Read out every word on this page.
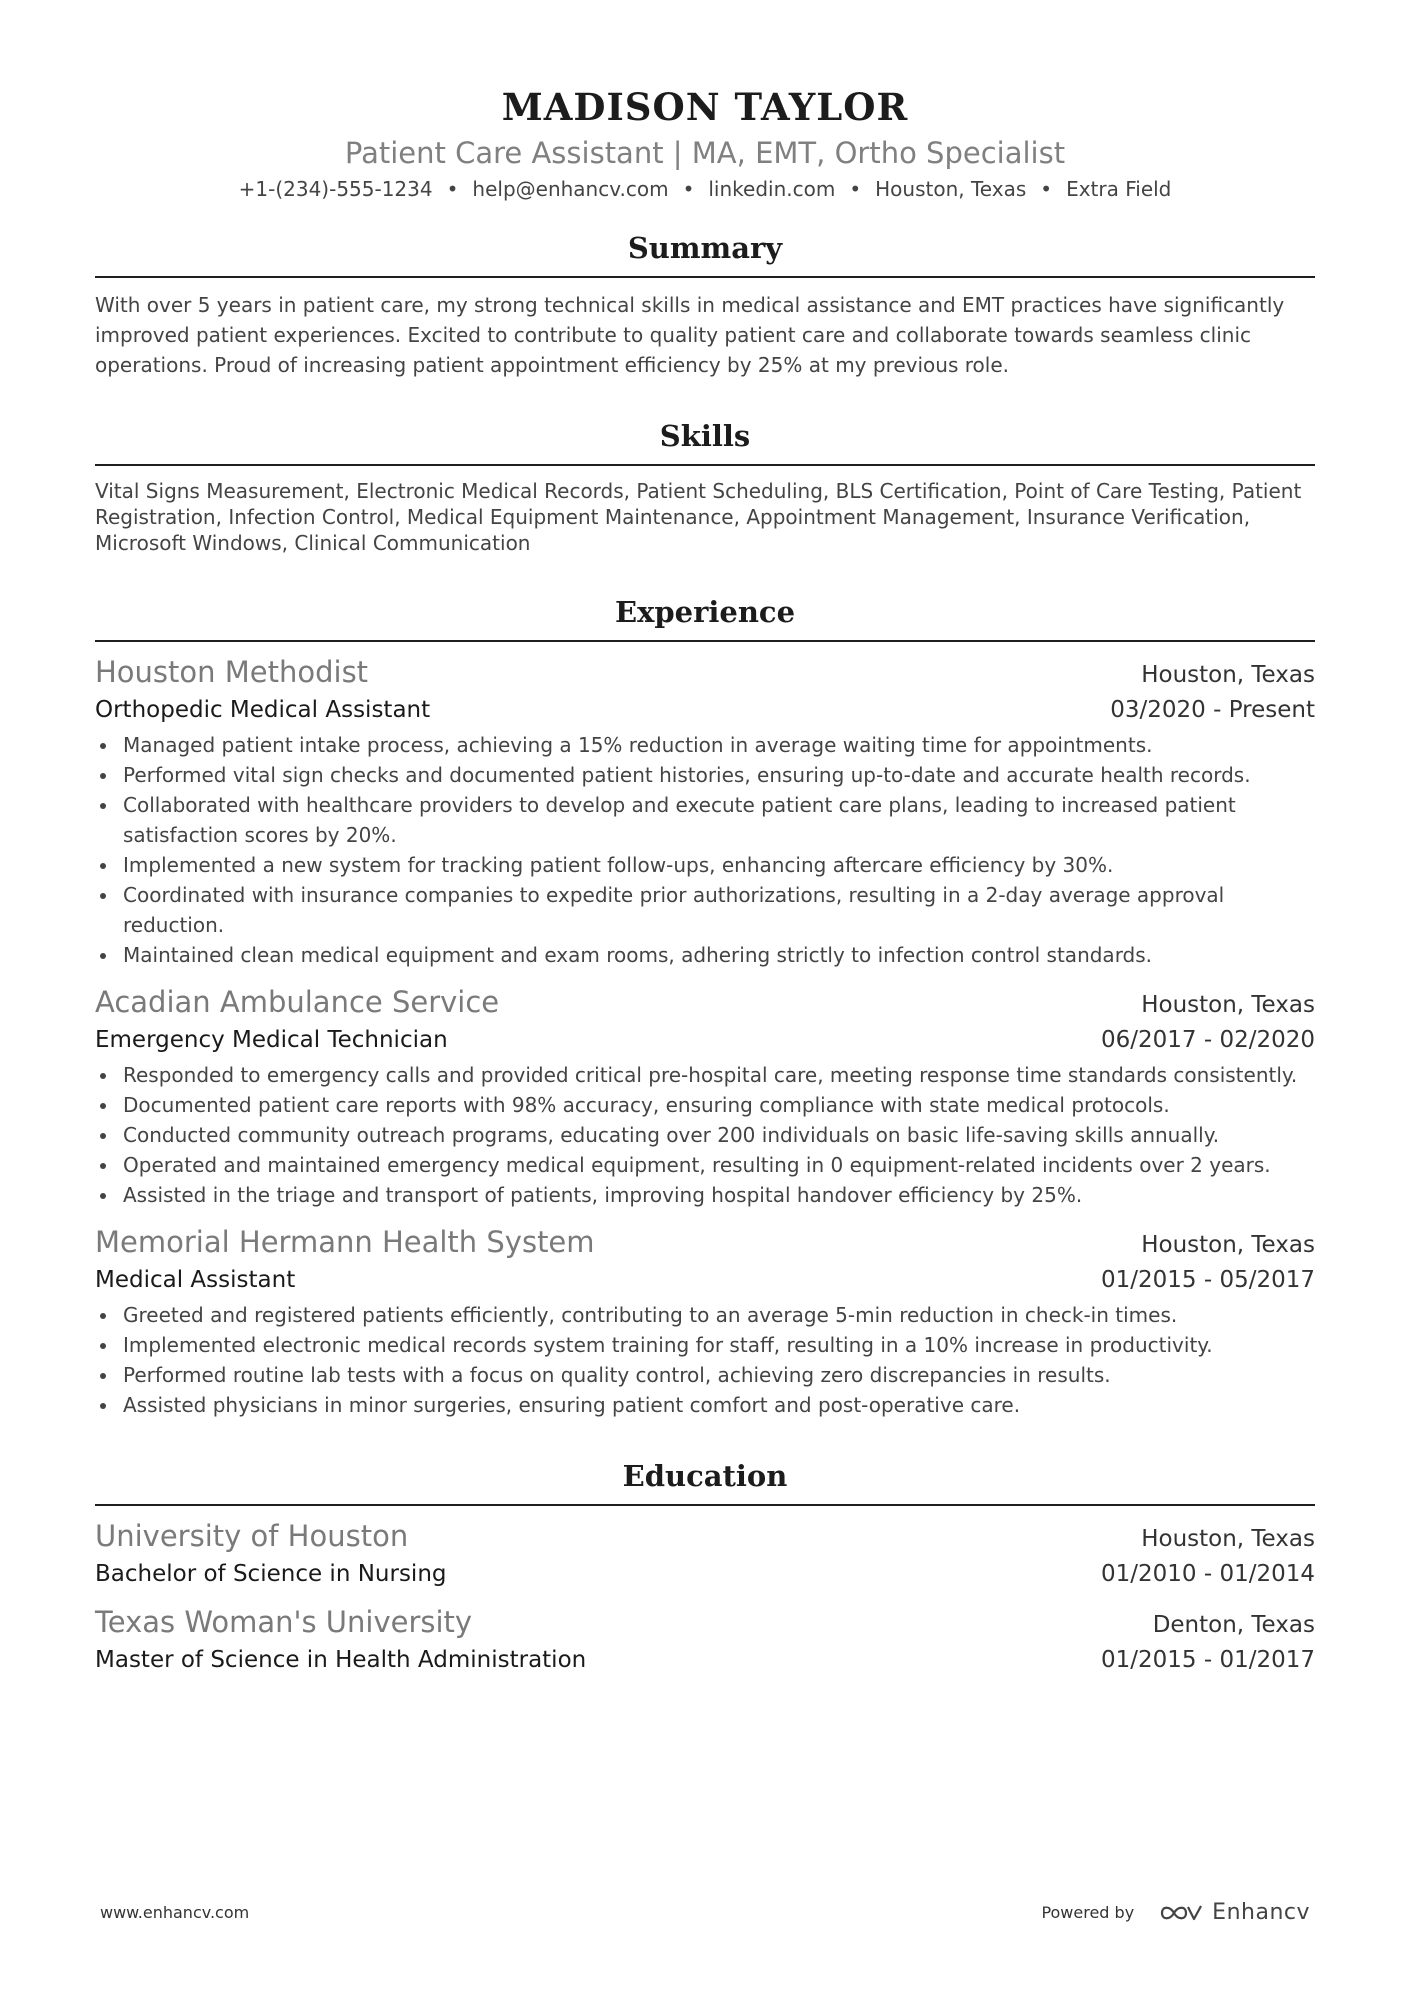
MADISON TAYLOR
Patient Care Assistant | MA, EMT, Ortho Specialist
+1-(234)-555-1234 • help@enhancv.com • linkedin.com • Houston, Texas • Extra Field
Summary
With over 5 years in patient care, my strong technical skills in medical assistance and EMT practices have significantly improved patient experiences. Excited to contribute to quality patient care and collaborate towards seamless clinic operations. Proud of increasing patient appointment efficiency by 25% at my previous role.
Skills
Vital Signs Measurement, Electronic Medical Records, Patient Scheduling, BLS Certification, Point of Care Testing, Patient Registration, Infection Control, Medical Equipment Maintenance, Appointment Management, Insurance Verification, Microsoft Windows, Clinical Communication
Experience
Houston Methodist	Houston, Texas
Orthopedic Medical Assistant	03/2020 - Present
Managed patient intake process, achieving a 15% reduction in average waiting time for appointments.
Performed vital sign checks and documented patient histories, ensuring up-to-date and accurate health records.
Collaborated with healthcare providers to develop and execute patient care plans, leading to increased patient satisfaction scores by 20%.
Implemented a new system for tracking patient follow-ups, enhancing aftercare efficiency by 30%.
Coordinated with insurance companies to expedite prior authorizations, resulting in a 2-day average approval reduction.
Maintained clean medical equipment and exam rooms, adhering strictly to infection control standards.
Acadian Ambulance Service	Houston, Texas
Emergency Medical Technician	06/2017 - 02/2020
Responded to emergency calls and provided critical pre-hospital care, meeting response time standards consistently.
Documented patient care reports with 98% accuracy, ensuring compliance with state medical protocols.
Conducted community outreach programs, educating over 200 individuals on basic life-saving skills annually.
Operated and maintained emergency medical equipment, resulting in 0 equipment-related incidents over 2 years.
Assisted in the triage and transport of patients, improving hospital handover efficiency by 25%.
Memorial Hermann Health System	Houston, Texas
Medical Assistant	01/2015 - 05/2017
Greeted and registered patients efficiently, contributing to an average 5-min reduction in check-in times.
Implemented electronic medical records system training for staff, resulting in a 10% increase in productivity.
Performed routine lab tests with a focus on quality control, achieving zero discrepancies in results.
Assisted physicians in minor surgeries, ensuring patient comfort and post-operative care.
Education
University of Houston	Houston, Texas
Bachelor of Science in Nursing	01/2010 - 01/2014
Texas Woman's University	Denton, Texas
Master of Science in Health Administration	01/2015 - 01/2017
www.enhancv.com	Powered by	Enhancv
